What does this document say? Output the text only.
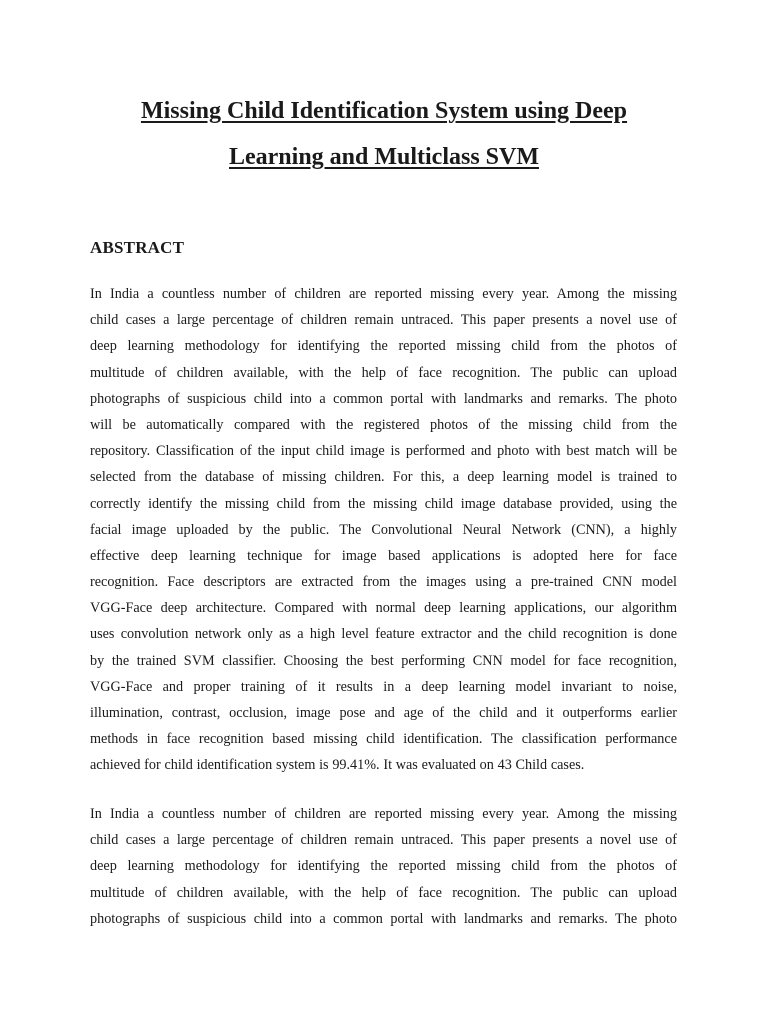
Missing Child Identification System using Deep
Learning and Multiclass SVM
ABSTRACT
In India a countless number of children are reported missing every year. Among the missing
child cases a large percentage of children remain untraced. This paper presents a novel use of
deep learning methodology for identifying the reported missing child from the photos of
multitude of children available, with the help of face recognition. The public can upload
photographs of suspicious child into a common portal with landmarks and remarks. The photo
will be automatically compared with the registered photos of the missing child from the
repository. Classification of the input child image is performed and photo with best match will be
selected from the database of missing children. For this, a deep learning model is trained to
correctly identify the missing child from the missing child image database provided, using the
facial image uploaded by the public. The Convolutional Neural Network (CNN), a highly
effective deep learning technique for image based applications is adopted here for face
recognition. Face descriptors are extracted from the images using a pre-trained CNN model
VGG-Face deep architecture. Compared with normal deep learning applications, our algorithm
uses convolution network only as a high level feature extractor and the child recognition is done
by the trained SVM classifier. Choosing the best performing CNN model for face recognition,
VGG-Face and proper training of it results in a deep learning model invariant to noise,
illumination, contrast, occlusion, image pose and age of the child and it outperforms earlier
methods in face recognition based missing child identification. The classification performance
achieved for child identification system is 99.41%. It was evaluated on 43 Child cases.
In India a countless number of children are reported missing every year. Among the missing
child cases a large percentage of children remain untraced. This paper presents a novel use of
deep learning methodology for identifying the reported missing child from the photos of
multitude of children available, with the help of face recognition. The public can upload
photographs of suspicious child into a common portal with landmarks and remarks. The photo
